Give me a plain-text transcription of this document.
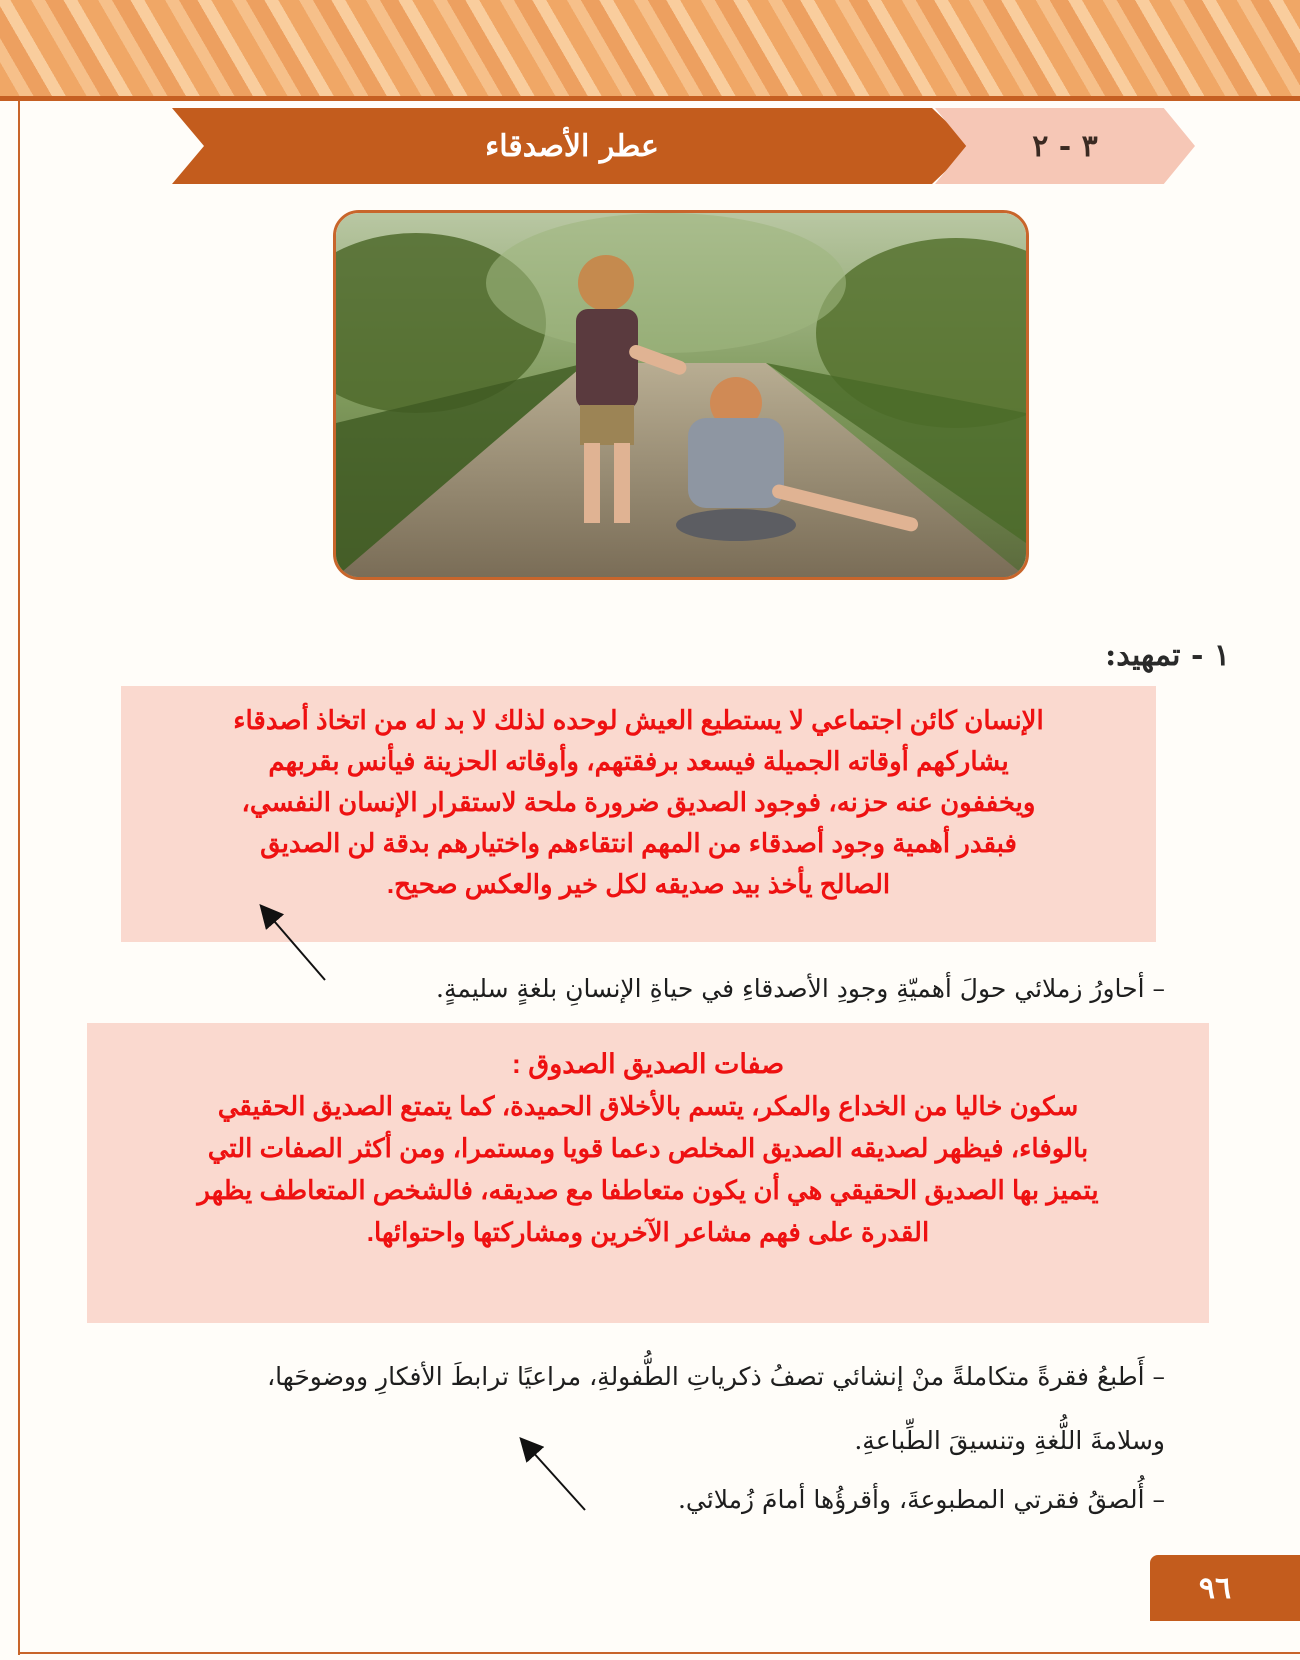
عطر الأصدقاء	٣ - ٢
١ - تمهيد:

الإنسان كائن اجتماعي لا يستطيع العيش لوحده لذلك لا بد له من اتخاذ أصدقاء

يشاركهم أوقاته الجميلة فيسعد برفقتهم، وأوقاته الحزينة فيأنس بقربهم

ويخففون عنه حزنه، فوجود الصديق ضرورة ملحة لاستقرار الإنسان النفسي،

فبقدر أهمية وجود أصدقاء من المهم انتقاءهم واختيارهم بدقة لن الصديق

الصالح يأخذ بيد صديقه لكل خير والعكس صحيح.

– أحاورُ زملائي حولَ أهميّةِ وجودِ الأصدقاءِ في حياةِ الإنسانِ بلغةٍ سليمةٍ.

صفات الصديق الصدوق :

سكون خاليا من الخداع والمكر، يتسم بالأخلاق الحميدة، كما يتمتع الصديق الحقيقي

بالوفاء، فيظهر لصديقه الصديق المخلص دعما قويا ومستمرا، ومن أكثر الصفات التي

يتميز بها الصديق الحقيقي هي أن يكون متعاطفا مع صديقه، فالشخص المتعاطف يظهر

القدرة على فهم مشاعر الآخرين ومشاركتها واحتوائها.

– أَطبعُ فقرةً متكاملةً منْ إنشائي تصفُ ذكرياتِ الطُّفولةِ، مراعيًا ترابطَ الأفكارِ ووضوحَها،
وسلامةَ اللُّغةِ وتنسيقَ الطِّباعةِ.
– أُلصقُ فقرتي المطبوعةَ، وأقرؤُها أمامَ زُملائي.
٩٦
